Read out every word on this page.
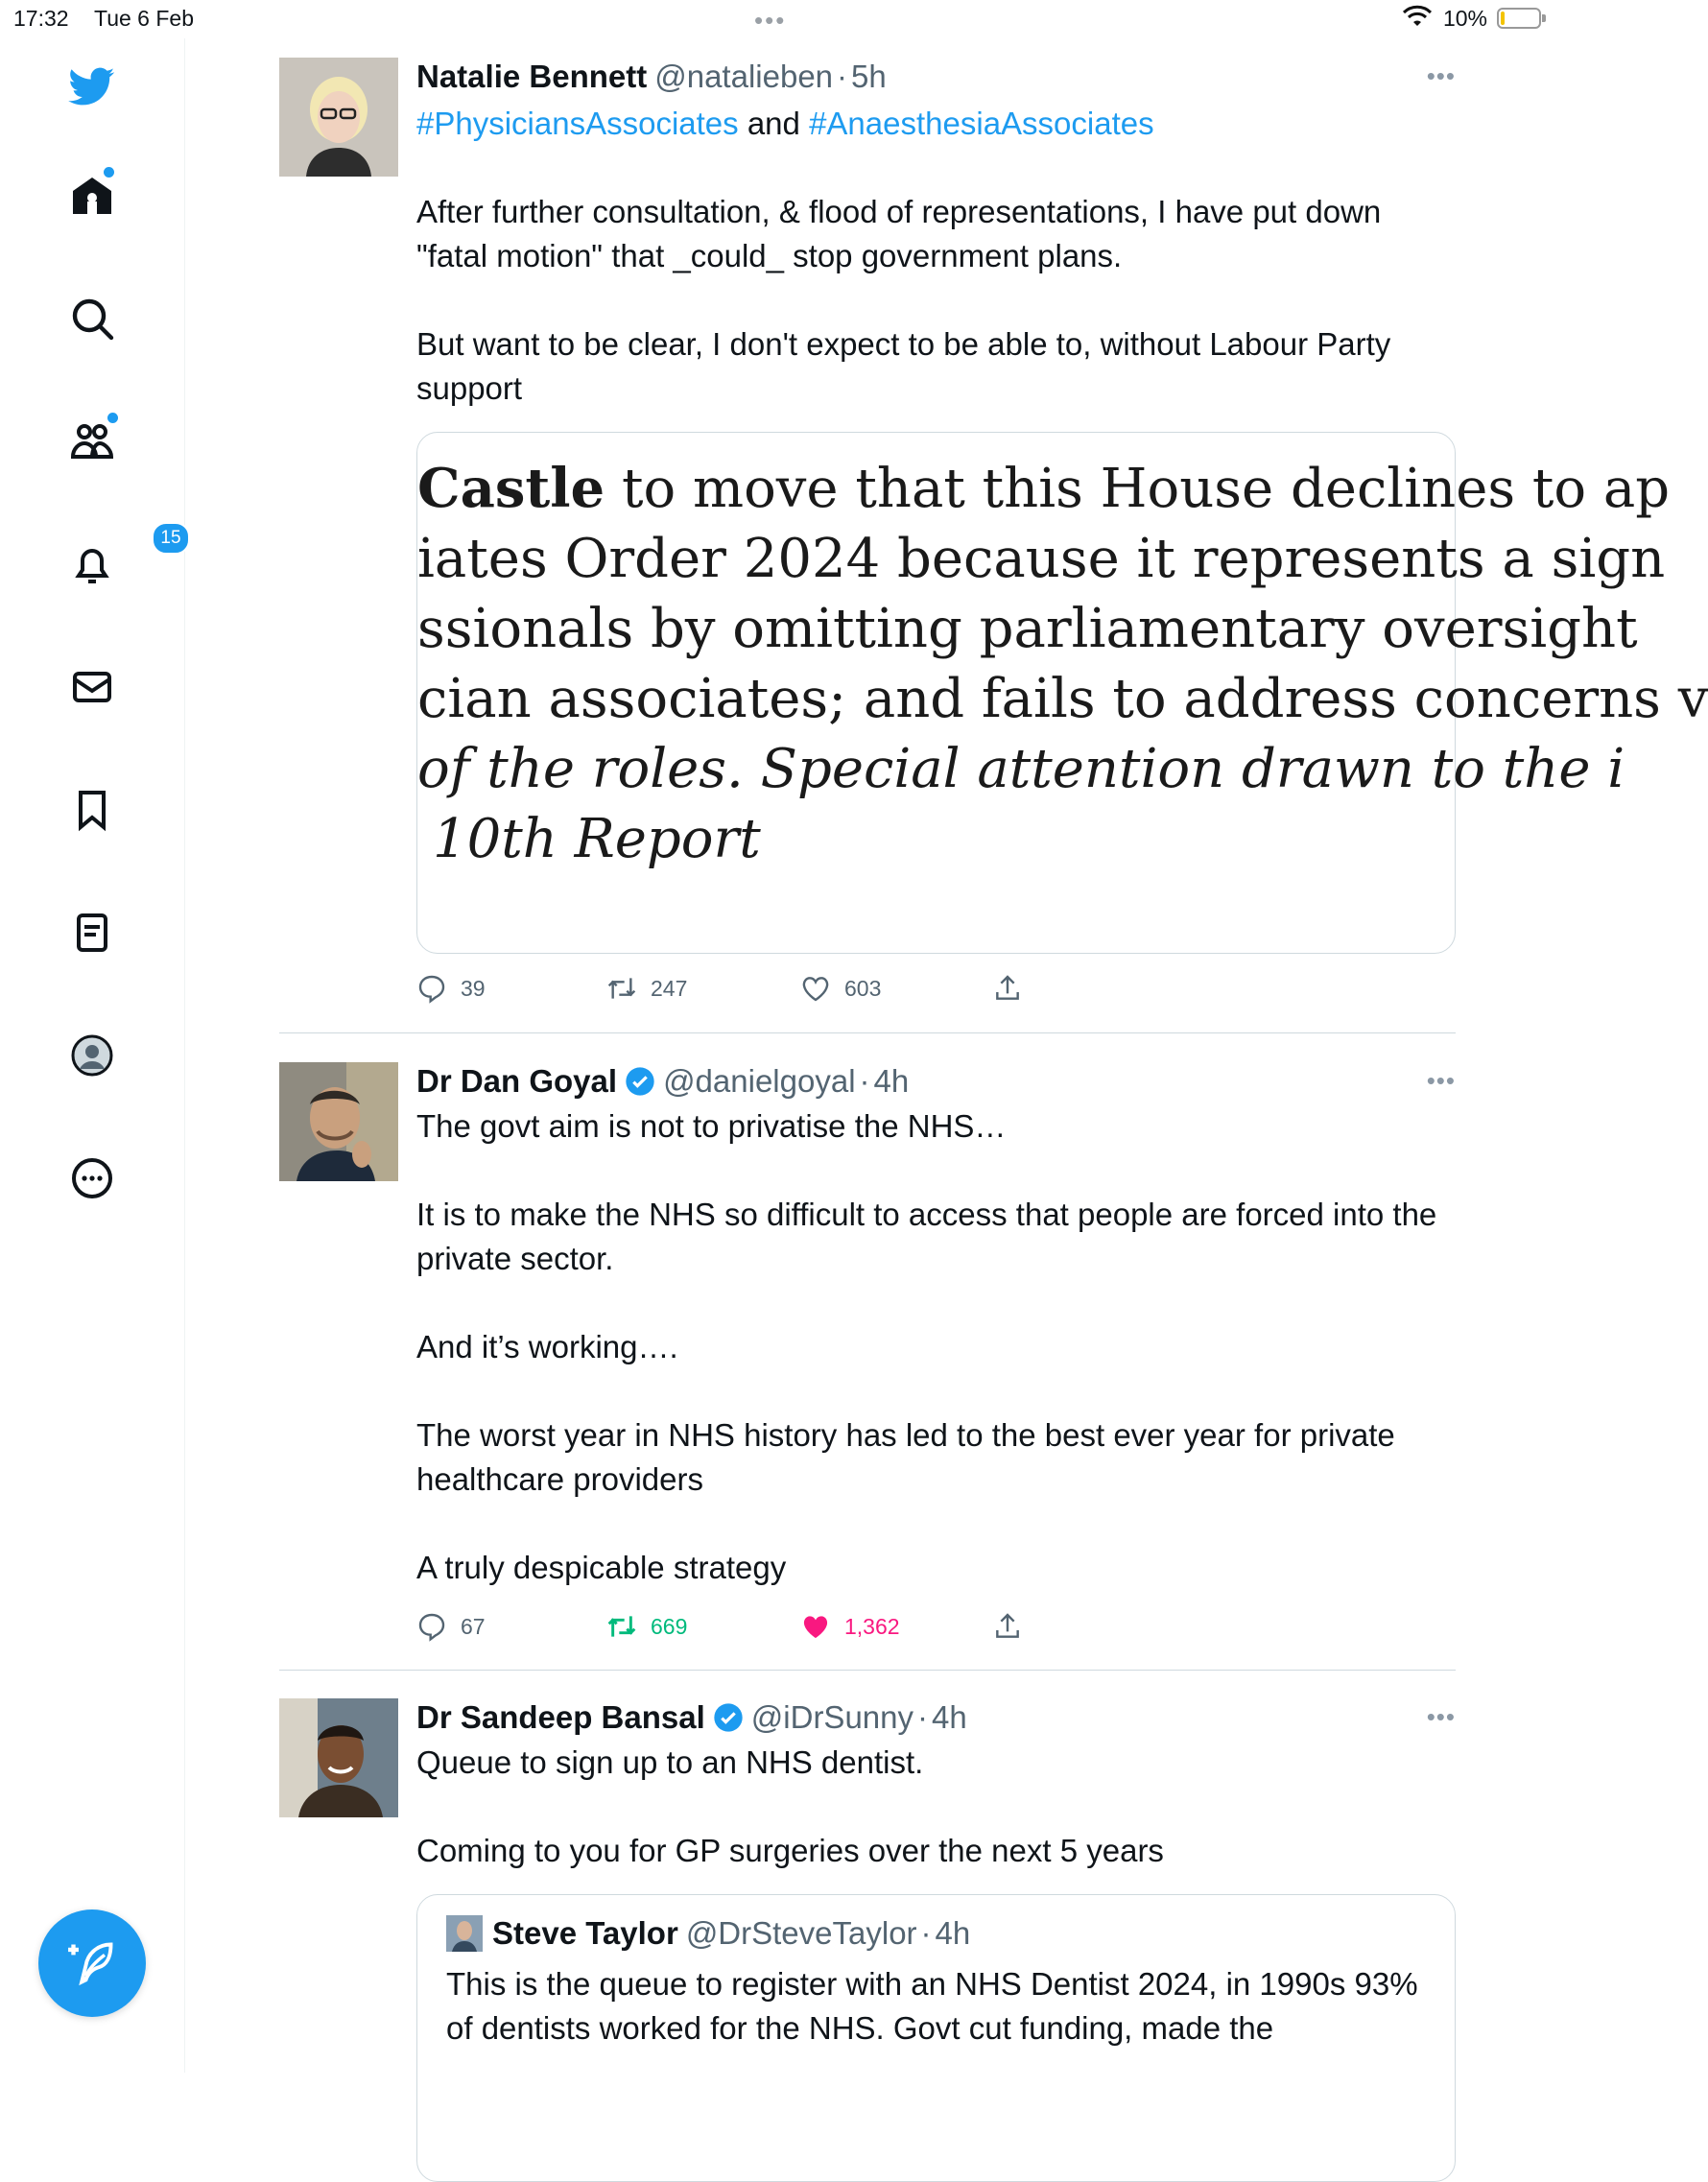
17:32 Tue 6 Feb	•••	10%
15
Natalie Bennett @natalieben · 5h	•••

#PhysiciansAssociates and #AnaesthesiaAssociates

After further consultation, & flood of representations, I have put down "fatal motion" that _could_ stop government plans.

But want to be clear, I don't expect to be able to, without Labour Party support

Castle to move that this House declines to ap
iates Order 2024 because it represents a sign
ssionals by omitting parliamentary oversight
cian associates; and fails to address concerns v
of the roles. Special attention drawn to the i
10th Report
39	247	603
Dr Dan Goyal @danielgoyal · 4h	•••

The govt aim is not to privatise the NHS…

It is to make the NHS so difficult to access that people are forced into the private sector.

And it’s working….

The worst year in NHS history has led to the best ever year for private healthcare providers

A truly despicable strategy

67	669	1,362
Dr Sandeep Bansal @iDrSunny · 4h	•••

Queue to sign up to an NHS dentist.

Coming to you for GP surgeries over the next 5 years

Steve Taylor @DrSteveTaylor · 4h
This is the queue to register with an NHS Dentist 2024, in 1990s 93% of dentists worked for the NHS. Govt cut funding, made the
